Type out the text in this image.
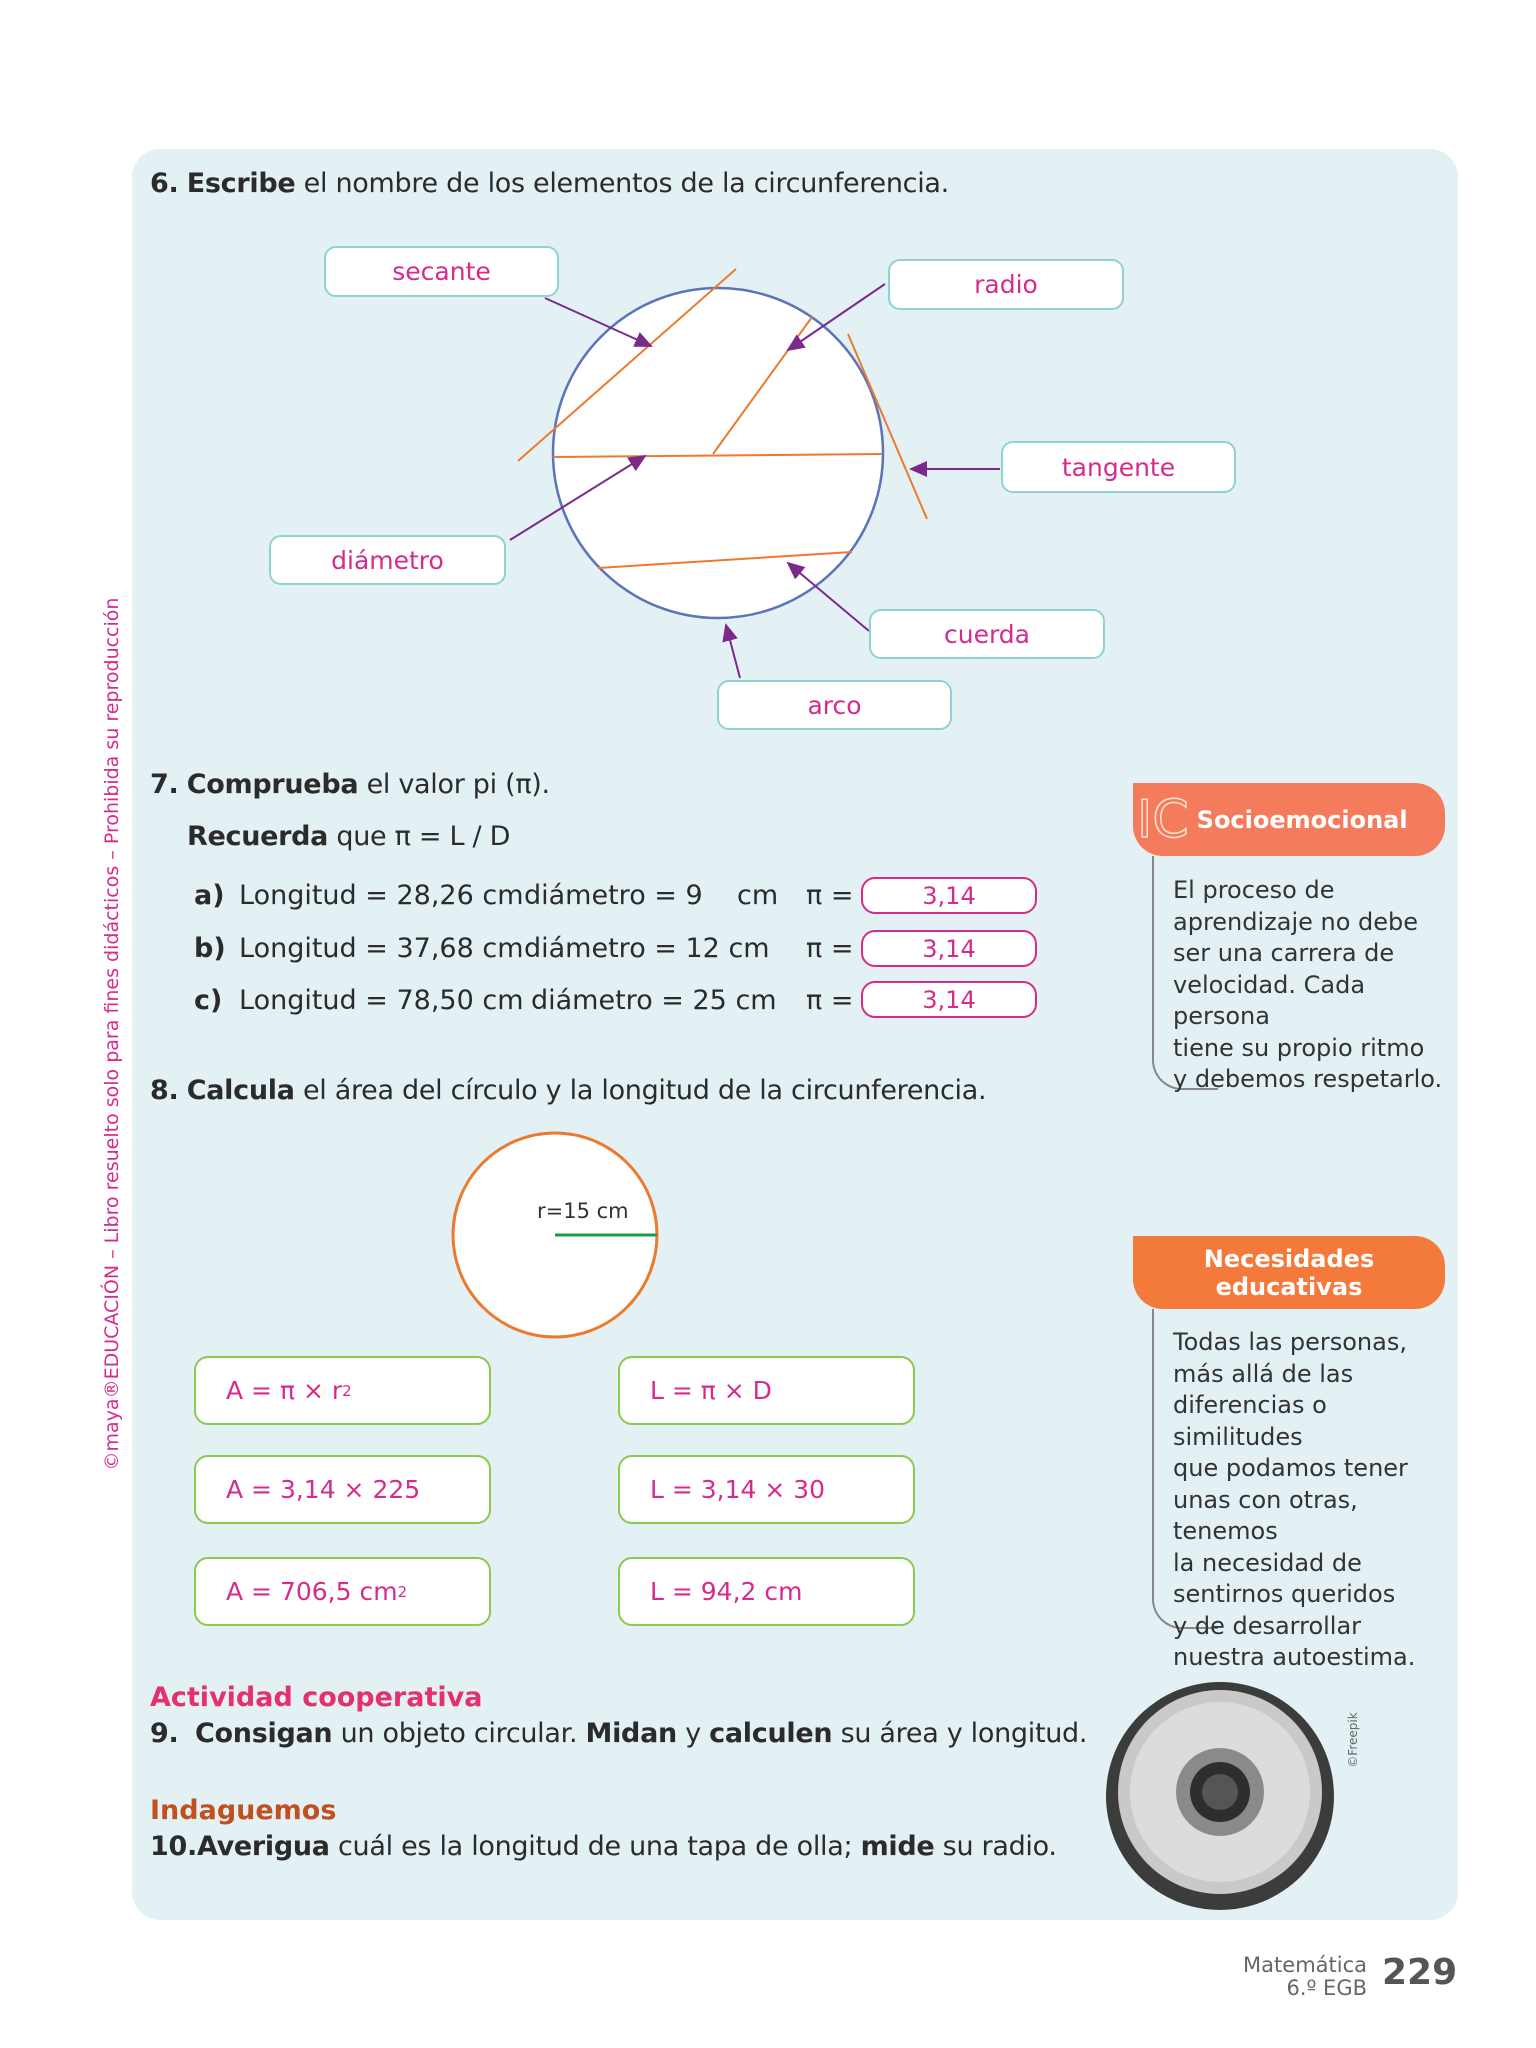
©maya®EDUCACIÓN – Libro resuelto solo para fines didácticos – Prohibida su reproducción
6. Escribe el nombre de los elementos de la circunferencia.
secante	radio
tangente
diámetro
cuerda
arco
7. Comprueba el valor pi (π).
Recuerda que π = L / D
a) Longitud = 28,26 cm diámetro = 9    cm π =	3,14
b) Longitud = 37,68 cm diámetro = 12 cm π =	3,14
c) Longitud = 78,50 cm diámetro = 25 cm π =	3,14
8. Calcula el área del círculo y la longitud de la circunferencia.
r=15 cm
A = π × r 2
A = 3,14 × 225
A = 706,5 cm 2
L = π × D
L = 3,14 × 30
L = 94,2 cm
Actividad cooperativa
9. Consigan un objeto circular. Midan y calculen su área y longitud.
Indaguemos
10.Averigua cuál es la longitud de una tapa de olla; mide su radio.
©Freepik
IC Socioemocional
El proceso de
aprendizaje no debe
ser una carrera de
velocidad. Cada persona
tiene su propio ritmo
y debemos respetarlo.
Necesidades
educativas
Todas las personas,
más allá de las
diferencias o similitudes
que podamos tener
unas con otras, tenemos
la necesidad de
sentirnos queridos
y de desarrollar
nuestra autoestima.
Matemática
6.º EGB 229
